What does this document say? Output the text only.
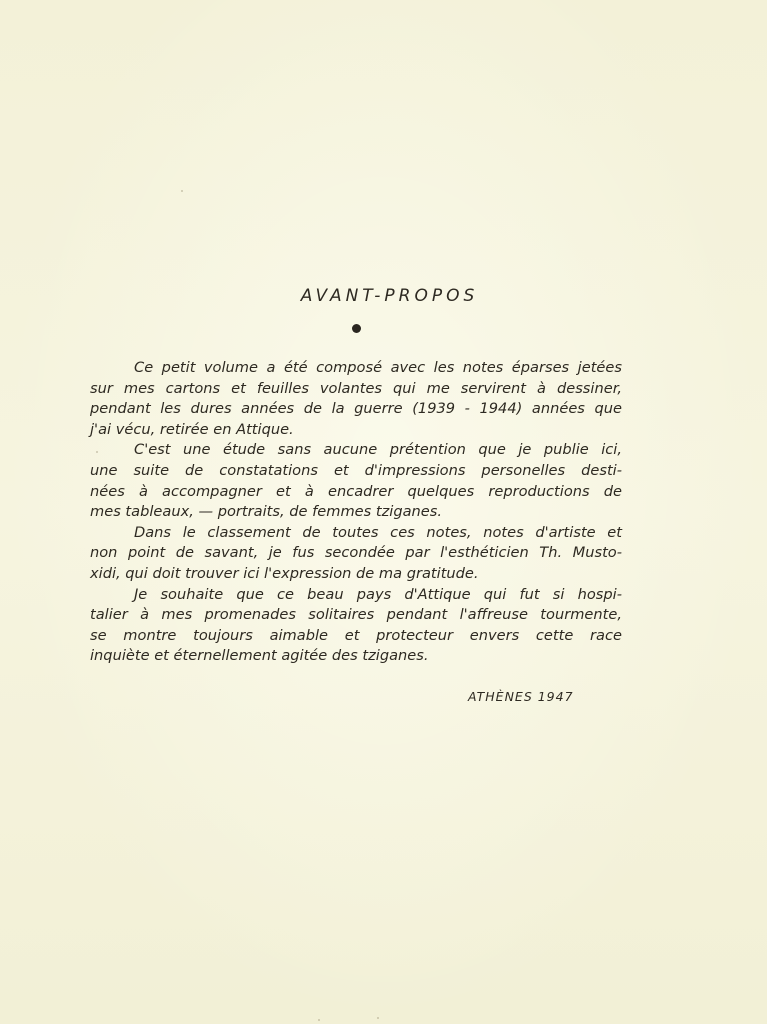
AVANT-PROPOS
Ce petit volume a été composé avec les notes éparses jetées
sur mes cartons et feuilles volantes qui me servirent à dessiner,
pendant les dures années de la guerre (1939 - 1944) années que
j'ai vécu, retirée en Attique.
C'est une étude sans aucune prétention que je publie ici,
une suite de constatations et d'impressions personelles desti-
nées à accompagner et à encadrer quelques reproductions de
mes tableaux, — portraits, de femmes tziganes.
Dans le classement de toutes ces notes, notes d'artiste et
non point de savant, je fus secondée par l'esthéticien Th. Musto-
xidi, qui doit trouver ici l'expression de ma gratitude.
Je souhaite que ce beau pays d'Attique qui fut si hospi-
talier à mes promenades solitaires pendant l'affreuse tourmente,
se montre toujours aimable et protecteur envers cette race
inquiète et éternellement agitée des tziganes.
ATHÈNES 1947
